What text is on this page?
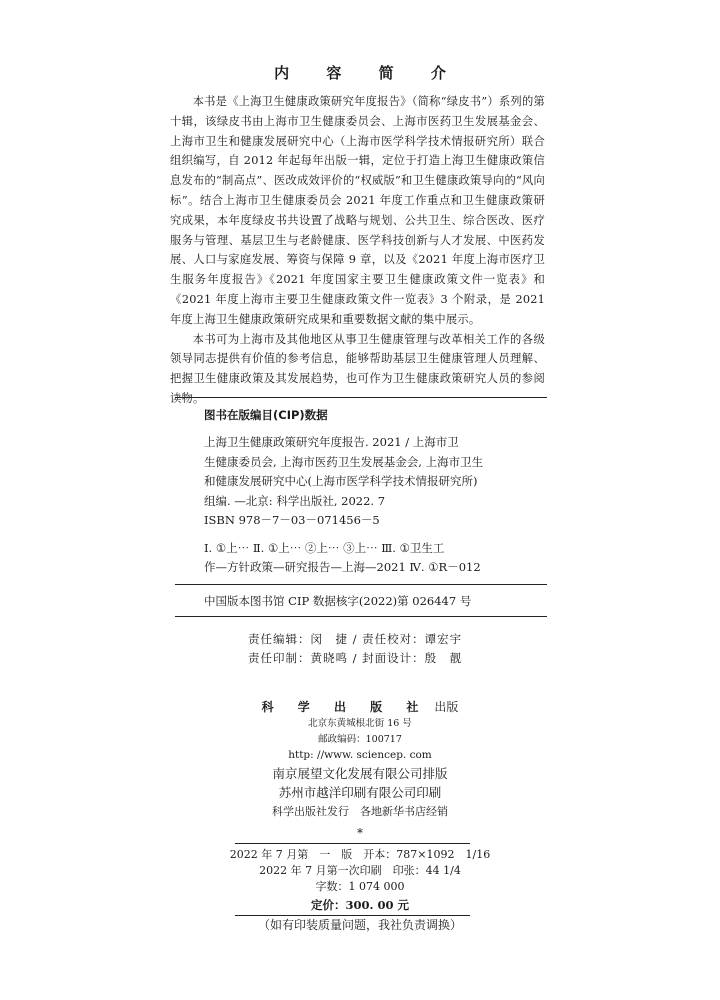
内 容 简 介

本书是《上海卫生健康政策研究年度报告》（简称“绿皮书”）系列的第十辑，该绿皮书由上海市卫生健康委员会、上海市医药卫生发展基金会、上海市卫生和健康发展研究中心（上海市医学科学技术情报研究所）联合组织编写，自 2012 年起每年出版一辑，定位于打造上海卫生健康政策信息发布的“制高点”、医改成效评价的“权威版”和卫生健康政策导向的“风向标”。结合上海市卫生健康委员会 2021 年度工作重点和卫生健康政策研究成果，本年度绿皮书共设置了战略与规划、公共卫生、综合医改、医疗服务与管理、基层卫生与老龄健康、医学科技创新与人才发展、中医药发展、人口与家庭发展、筹资与保障 9 章，以及《2021 年度上海市医疗卫生服务年度报告》《2021 年度国家主要卫生健康政策文件一览表》和《2021 年度上海市主要卫生健康政策文件一览表》3 个附录，是 2021 年度上海卫生健康政策研究成果和重要数据文献的集中展示。

本书可为上海市及其他地区从事卫生健康管理与改革相关工作的各级领导同志提供有价值的参考信息，能够帮助基层卫生健康管理人员理解、把握卫生健康政策及其发展趋势，也可作为卫生健康政策研究人员的参阅读物。

图书在版编目(CIP)数据
上海卫生健康政策研究年度报告. 2021 / 上海市卫
生健康委员会, 上海市医药卫生发展基金会, 上海市卫生
和健康发展研究中心(上海市医学科学技术情报研究所)
组编. —北京: 科学出版社, 2022. 7
ISBN 978－7－03－071456－5
Ⅰ. ①上⋯ Ⅱ. ①上⋯ ②上⋯ ③上⋯ Ⅲ. ①卫生工
作—方针政策—研究报告—上海—2021 Ⅳ. ①R－012
中国版本图书馆 CIP 数据核字(2022)第 026447 号
责任编辑：闵　捷 / 责任校对：谭宏宇
责任印制：黄晓鸣 / 封面设计：殷　靓
科 学 出 版 社 出版
北京东黄城根北街 16 号
邮政编码：100717
http: //www. sciencep. com
南京展望文化发展有限公司排版
苏州市越洋印刷有限公司印刷
科学出版社发行　各地新华书店经销
*
2022 年 7 月第　一　版　开本：787×1092　1/16
2022 年 7 月第一次印刷　印张：44 1/4
字数：1 074 000
定价：300. 00 元
（如有印装质量问题，我社负责调换）
